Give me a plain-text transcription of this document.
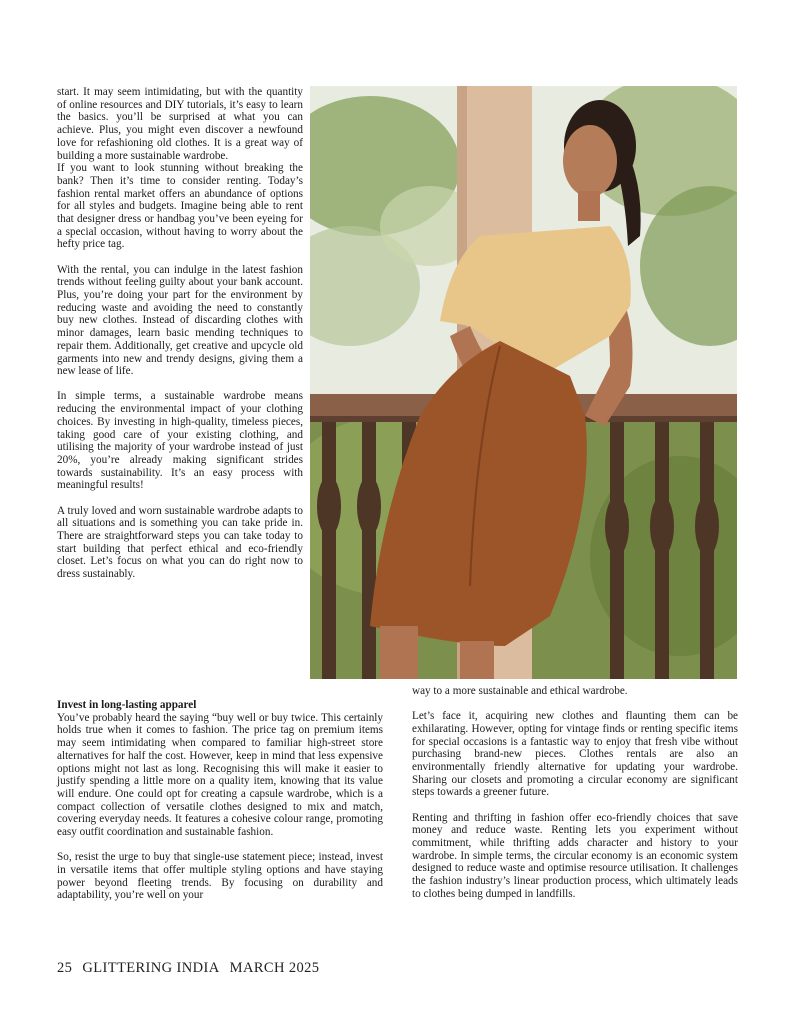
start. It may seem intimidating, but with the quantity of online resources and DIY tutorials, it’s easy to learn the basics. you’ll be surprised at what you can achieve. Plus, you might even discover a newfound love for refashioning old clothes. It is a great way of building a more sustainable wardrobe.

If you want to look stunning without breaking the bank? Then it’s time to consider renting. Today’s fashion rental market offers an abundance of options for all styles and budgets. Imagine being able to rent that designer dress or handbag you’ve been eyeing for a special occasion, without having to worry about the hefty price tag.

With the rental, you can indulge in the latest fashion trends without feeling guilty about your bank account. Plus, you’re doing your part for the environment by reducing waste and avoiding the need to constantly buy new clothes. Instead of discarding clothes with minor damages, learn basic mending techniques to repair them. Additionally, get creative and upcycle old garments into new and trendy designs, giving them a new lease of life.

In simple terms, a sustainable wardrobe means reducing the environmental impact of your clothing choices. By investing in high-quality, timeless pieces, taking good care of your existing clothing, and utilising the majority of your wardrobe instead of just 20%, you’re already making significant strides towards sustainability. It’s an easy process with meaningful results!

A truly loved and worn sustainable wardrobe adapts to all situations and is something you can take pride in. There are straightforward steps you can take today to start building that perfect ethical and eco-friendly closet. Let’s focus on what you can do right now to dress sustainably.

Invest in long-lasting apparel

You’ve probably heard the saying “buy well or buy twice. This certainly holds true when it comes to fashion. The price tag on premium items may seem intimidating when compared to familiar high-street store alternatives for half the cost. However, keep in mind that less expensive options might not last as long. Recognising this will make it easier to justify spending a little more on a quality item, knowing that its value will endure. One could opt for creating a capsule wardrobe, which is a compact collection of versatile clothes designed to mix and match, covering everyday needs. It features a cohesive colour range, promoting easy outfit coordination and sustainable fashion.

So, resist the urge to buy that single-use statement piece; instead, invest in versatile items that offer multiple styling options and have staying power beyond fleeting trends. By focusing on durability and adaptability, you’re well on your

way to a more sustainable and ethical wardrobe.

Let’s face it, acquiring new clothes and flaunting them can be exhilarating. However, opting for vintage finds or renting specific items for special occasions is a fantastic way to enjoy that fresh vibe without purchasing brand-new pieces. Clothes rentals are also an environmentally friendly alternative for updating your wardrobe. Sharing our closets and promoting a circular economy are significant steps towards a greener future.

Renting and thrifting in fashion offer eco-friendly choices that save money and reduce waste. Renting lets you experiment without commitment, while thrifting adds character and history to your wardrobe. In simple terms, the circular economy is an economic system designed to reduce waste and optimise resource utilisation. It challenges the fashion industry’s linear production process, which ultimately leads to clothes being dumped in landfills.

25 GLITTERING INDIA MARCH 2025
